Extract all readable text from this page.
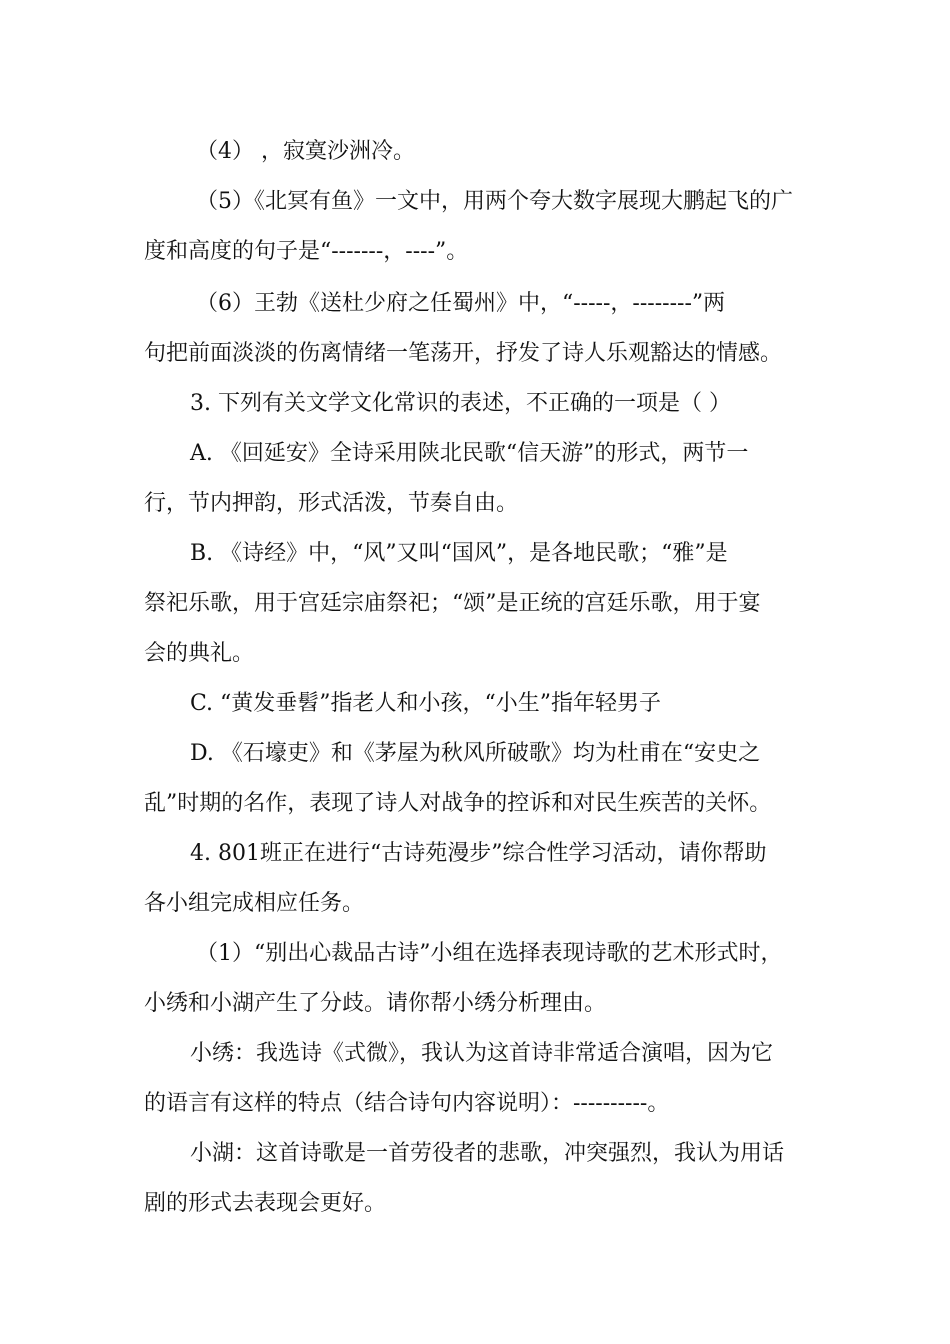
（4） ，寂寞沙洲冷。
（5）《北冥有鱼》一文中，用两个夸大数字展现大鹏起飞的广
度和高度的句子是“-------，----”。
（6）王勃《送杜少府之任蜀州》中，“-----，--------”两
句把前面淡淡的伤离情绪一笔荡开，抒发了诗人乐观豁达的情感。
3. 下列有关文学文化常识的表述，不正确的一项是（ ）
A. 《回延安》全诗采用陕北民歌“信天游”的形式，两节一
行，节内押韵，形式活泼，节奏自由。
B. 《诗经》中，“风”又叫“国风”，是各地民歌；“雅”是
祭祀乐歌，用于宫廷宗庙祭祀；“颂”是正统的宫廷乐歌，用于宴
会的典礼。
C. “黄发垂髫”指老人和小孩，“小生”指年轻男子
D. 《石壕吏》和《茅屋为秋风所破歌》均为杜甫在“安史之
乱”时期的名作，表现了诗人对战争的控诉和对民生疾苦的关怀。
4. 801班正在进行“古诗苑漫步”综合性学习活动，请你帮助
各小组完成相应任务。
（1）“别出心裁品古诗”小组在选择表现诗歌的艺术形式时，
小绣和小湖产生了分歧。请你帮小绣分析理由。
小绣：我选诗《式微》，我认为这首诗非常适合演唱，因为它
的语言有这样的特点（结合诗句内容说明）：----------。
小湖：这首诗歌是一首劳役者的悲歌，冲突强烈，我认为用话
剧的形式去表现会更好。
